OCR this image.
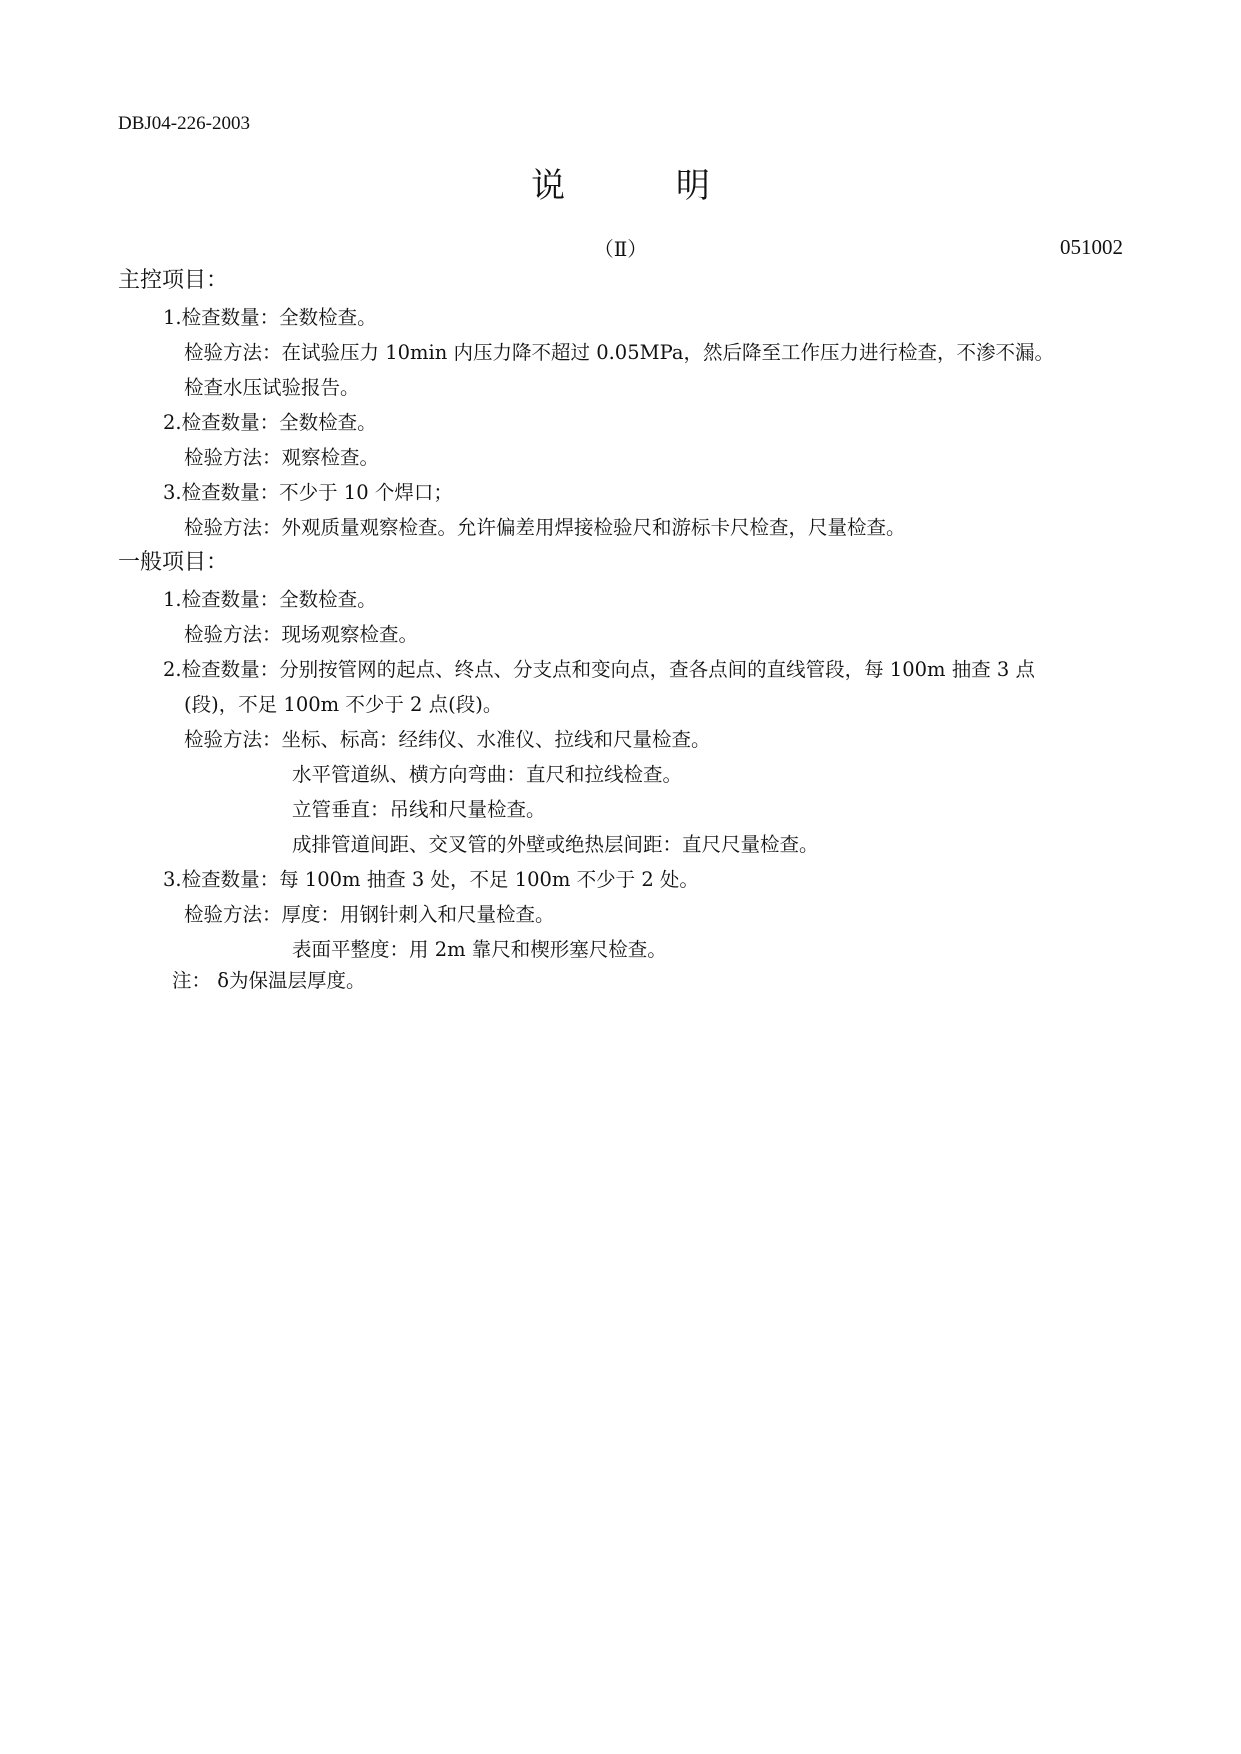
DBJ04-226-2003
说 明
（Ⅱ）	051002
主控项目：
1.检查数量：全数检查。
检验方法：在试验压力 10min 内压力降不超过 0.05MPa，然后降至工作压力进行检查，不渗不漏。
检查水压试验报告。
2.检查数量：全数检查。
检验方法：观察检查。
3.检查数量：不少于 10 个焊口；
检验方法：外观质量观察检查。允许偏差用焊接检验尺和游标卡尺检查，尺量检查。
一般项目：
1.检查数量：全数检查。
检验方法：现场观察检查。
2.检查数量：分别按管网的起点、终点、分支点和变向点，查各点间的直线管段，每 100m 抽查 3 点
(段)，不足 100m 不少于 2 点(段)。
检验方法：坐标、标高：经纬仪、水准仪、拉线和尺量检查。
水平管道纵、横方向弯曲：直尺和拉线检查。
立管垂直：吊线和尺量检查。
成排管道间距、交叉管的外壁或绝热层间距：直尺尺量检查。
3.检查数量：每 100m 抽查 3 处，不足 100m 不少于 2 处。
检验方法：厚度：用钢针刺入和尺量检查。
表面平整度：用 2m 靠尺和楔形塞尺检查。
注： δ为保温层厚度。
